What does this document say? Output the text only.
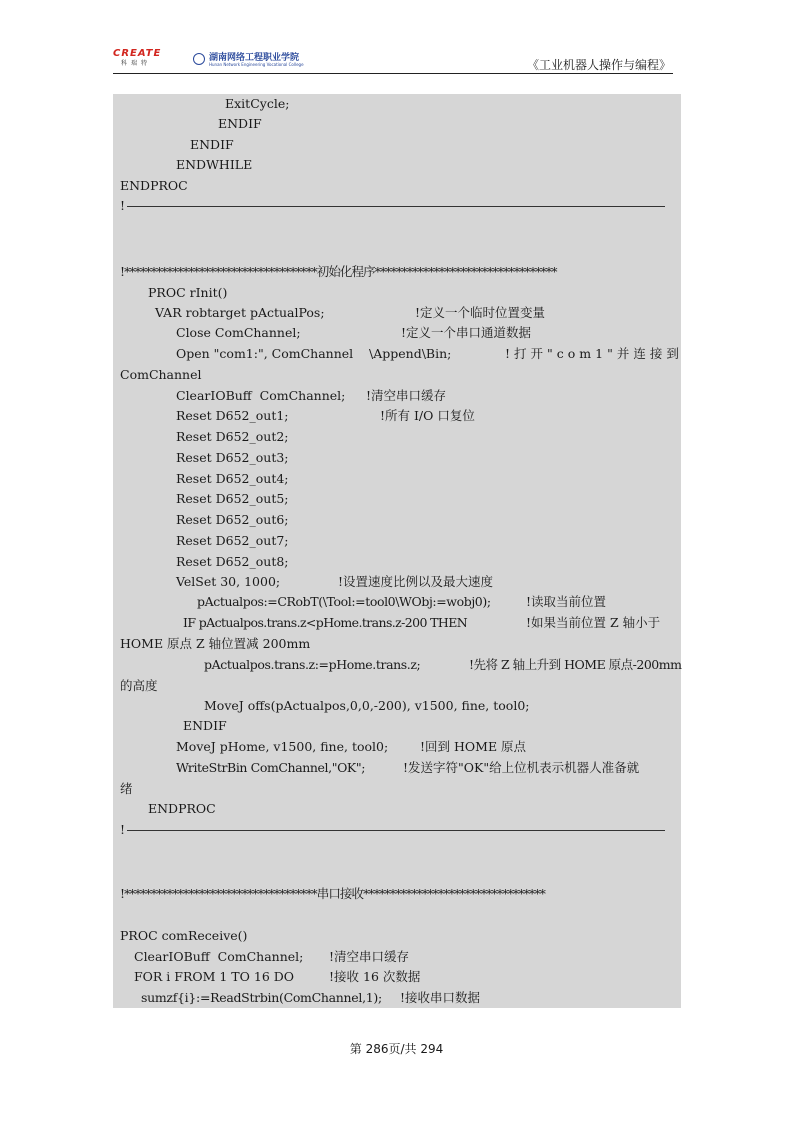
CREATE
科瑞特
湖南网络工程职业学院
Hunan Network Engineering Vocational College	《工业机器人操作与编程》
ExitCycle;
ENDIF
ENDIF
ENDWHILE
ENDPROC
!
!************************************初始化程序**********************************
PROC rInit()
VAR robtarget pActualPos;	!定义一个临时位置变量
Close ComChannel;	!定义一个串口通道数据
Open "com1:", ComChannel \Append\Bin;	!打开"com1"并连接到
ComChannel
ClearIOBuff  ComChannel; !清空串口缓存
Reset D652_out1;	!所有 I/O 口复位
Reset D652_out2;
Reset D652_out3;
Reset D652_out4;
Reset D652_out5;
Reset D652_out6;
Reset D652_out7;
Reset D652_out8;
VelSet 30, 1000;	!设置速度比例以及最大速度
pActualpos:=CRobT(\Tool:=tool0\WObj:=wobj0);	!读取当前位置
IF pActualpos.trans.z<pHome.trans.z-200 THEN	!如果当前位置 Z 轴小于
HOME 原点 Z 轴位置减 200mm
pActualpos.trans.z:=pHome.trans.z;	!先将 Z 轴上升到 HOME 原点-200mm
的高度
MoveJ offs(pActualpos,0,0,-200), v1500, fine, tool0;
ENDIF
MoveJ pHome, v1500, fine, tool0;	!回到 HOME 原点
WriteStrBin ComChannel,"OK";	!发送字符"OK"给上位机表示机器人准备就
绪
ENDPROC
!
!************************************串口接收**********************************
PROC comReceive()
ClearIOBuff  ComChannel; !清空串口缓存
FOR i FROM 1 TO 16 DO	!接收 16 次数据
sumzf{i}:=ReadStrbin(ComChannel,1); !接收串口数据
第 286页/共 294
